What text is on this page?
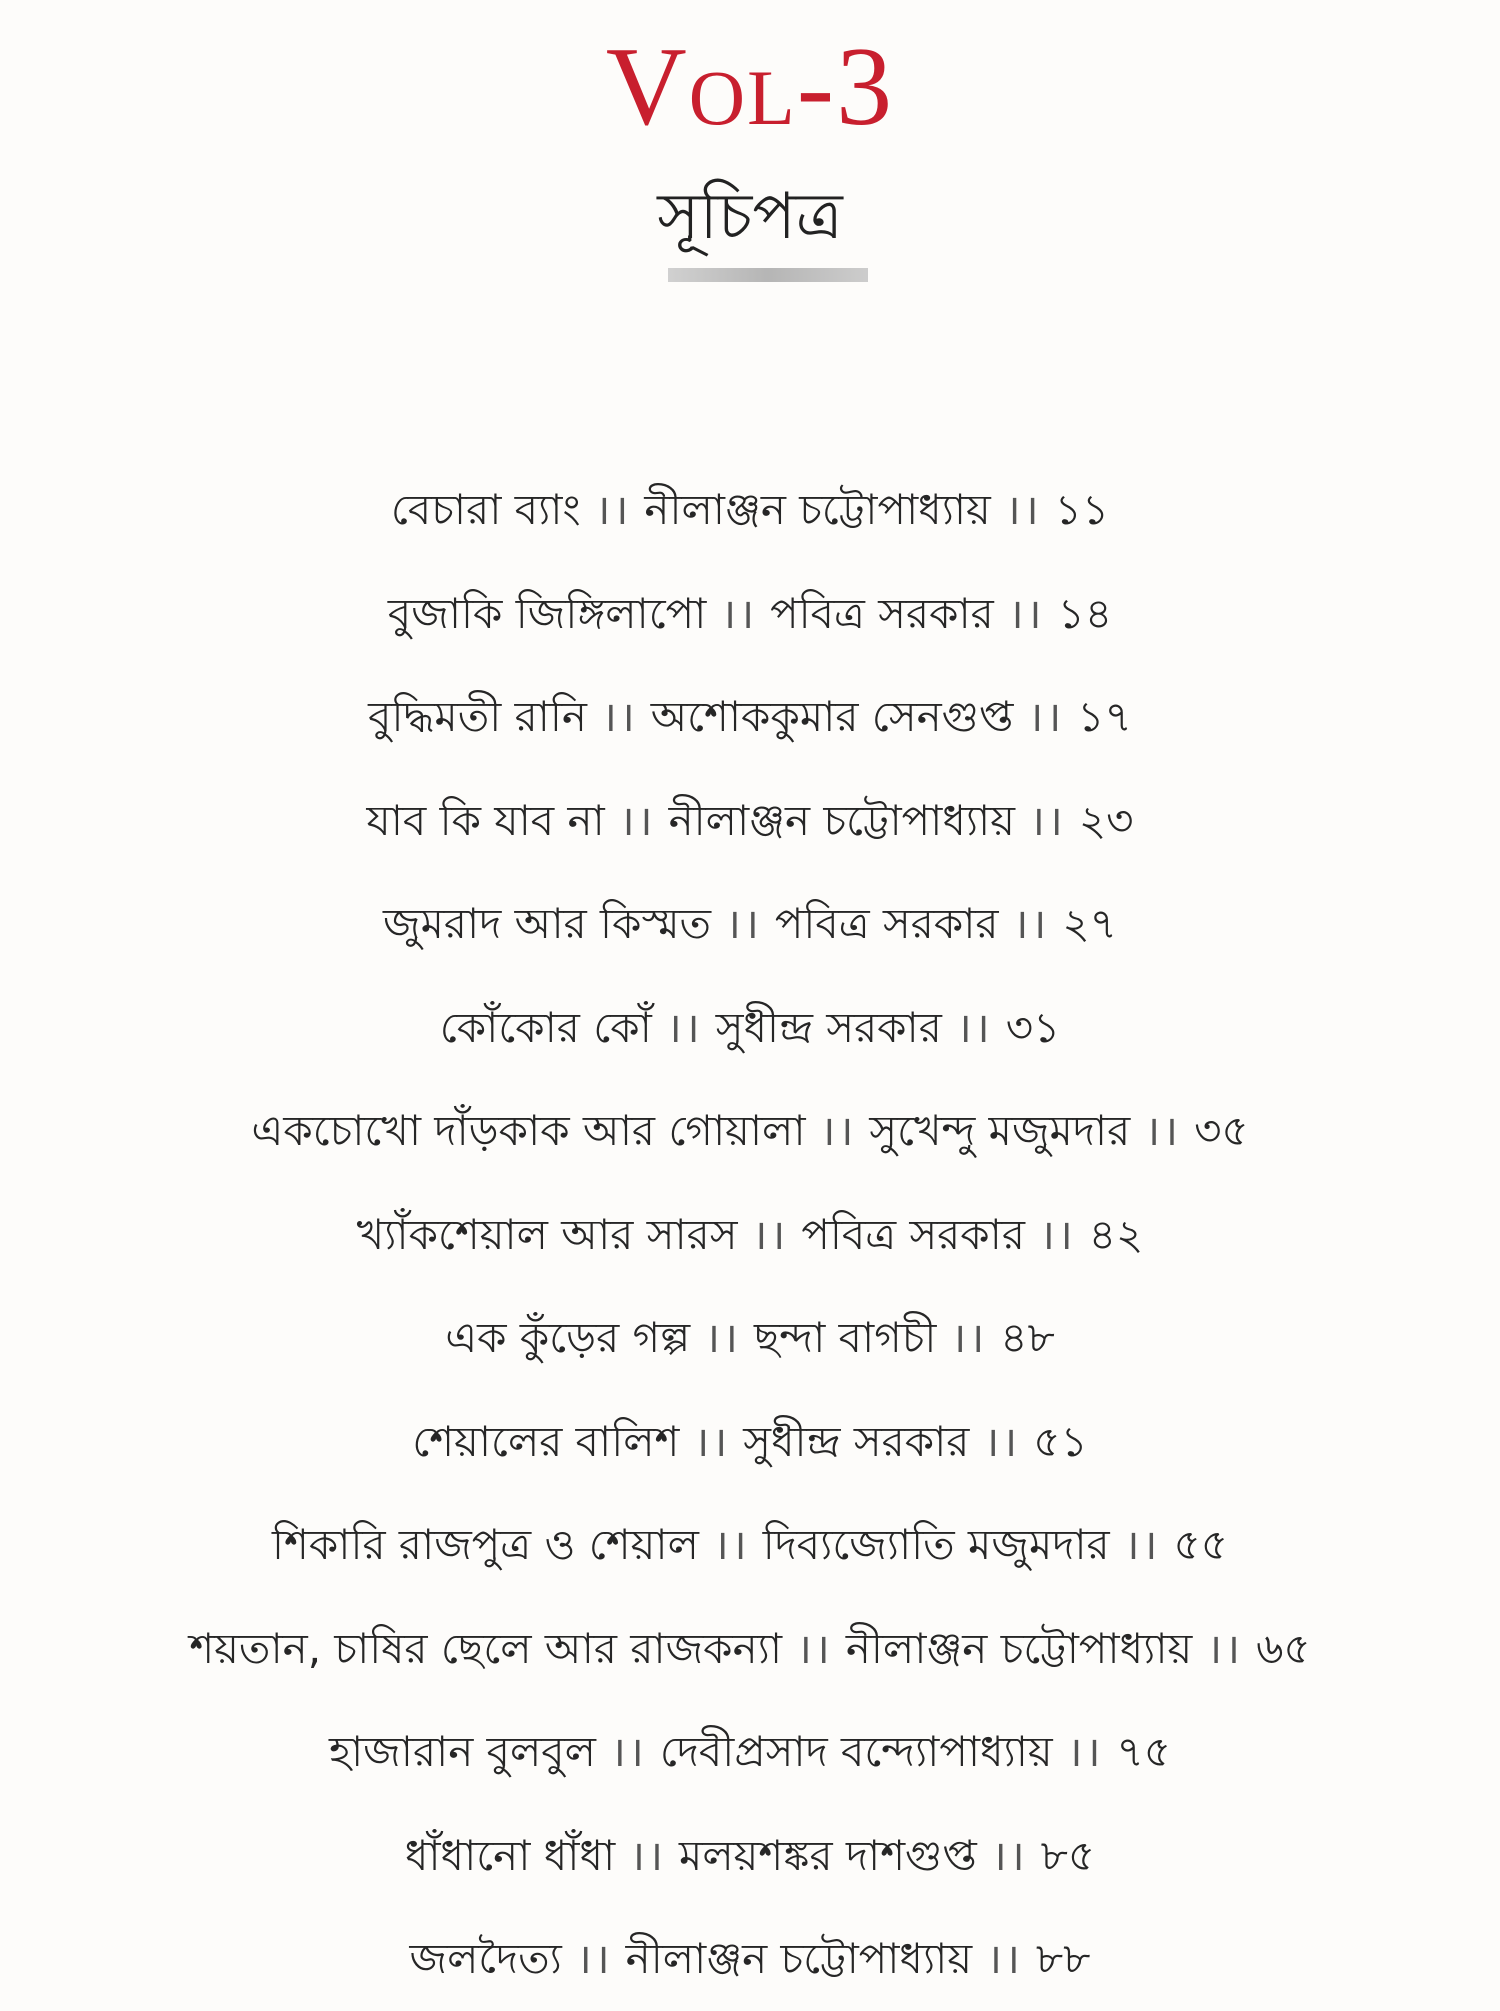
Vol-3
সূচিপত্র
বেচারা ব্যাং ।। নীলাঞ্জন চট্টোপাধ্যায় ।। ১১
বুজাকি জিঙ্গিলাপো ।। পবিত্র সরকার ।। ১৪
বুদ্ধিমতী রানি ।। অশোককুমার সেনগুপ্ত ।। ১৭
যাব কি যাব না ।। নীলাঞ্জন চট্টোপাধ্যায় ।। ২৩
জুমরাদ আর কিস্মত ।। পবিত্র সরকার ।। ২৭
কোঁকোর কোঁ ।। সুধীন্দ্র সরকার ।। ৩১
একচোখো দাঁড়কাক আর গোয়ালা ।। সুখেন্দু মজুমদার ।। ৩৫
খ্যাঁকশেয়াল আর সারস ।। পবিত্র সরকার ।। ৪২
এক কুঁড়ের গল্প ।। ছন্দা বাগচী ।। ৪৮
শেয়ালের বালিশ ।। সুধীন্দ্র সরকার ।। ৫১
শিকারি রাজপুত্র ও শেয়াল ।। দিব্যজ্যোতি মজুমদার ।। ৫৫
শয়তান, চাষির ছেলে আর রাজকন্যা ।। নীলাঞ্জন চট্টোপাধ্যায় ।। ৬৫
হাজারান বুলবুল ।। দেবীপ্রসাদ বন্দ্যোপাধ্যায় ।। ৭৫
ধাঁধানো ধাঁধা ।। মলয়শঙ্কর দাশগুপ্ত ।। ৮৫
জলদৈত্য ।। নীলাঞ্জন চট্টোপাধ্যায় ।। ৮৮
